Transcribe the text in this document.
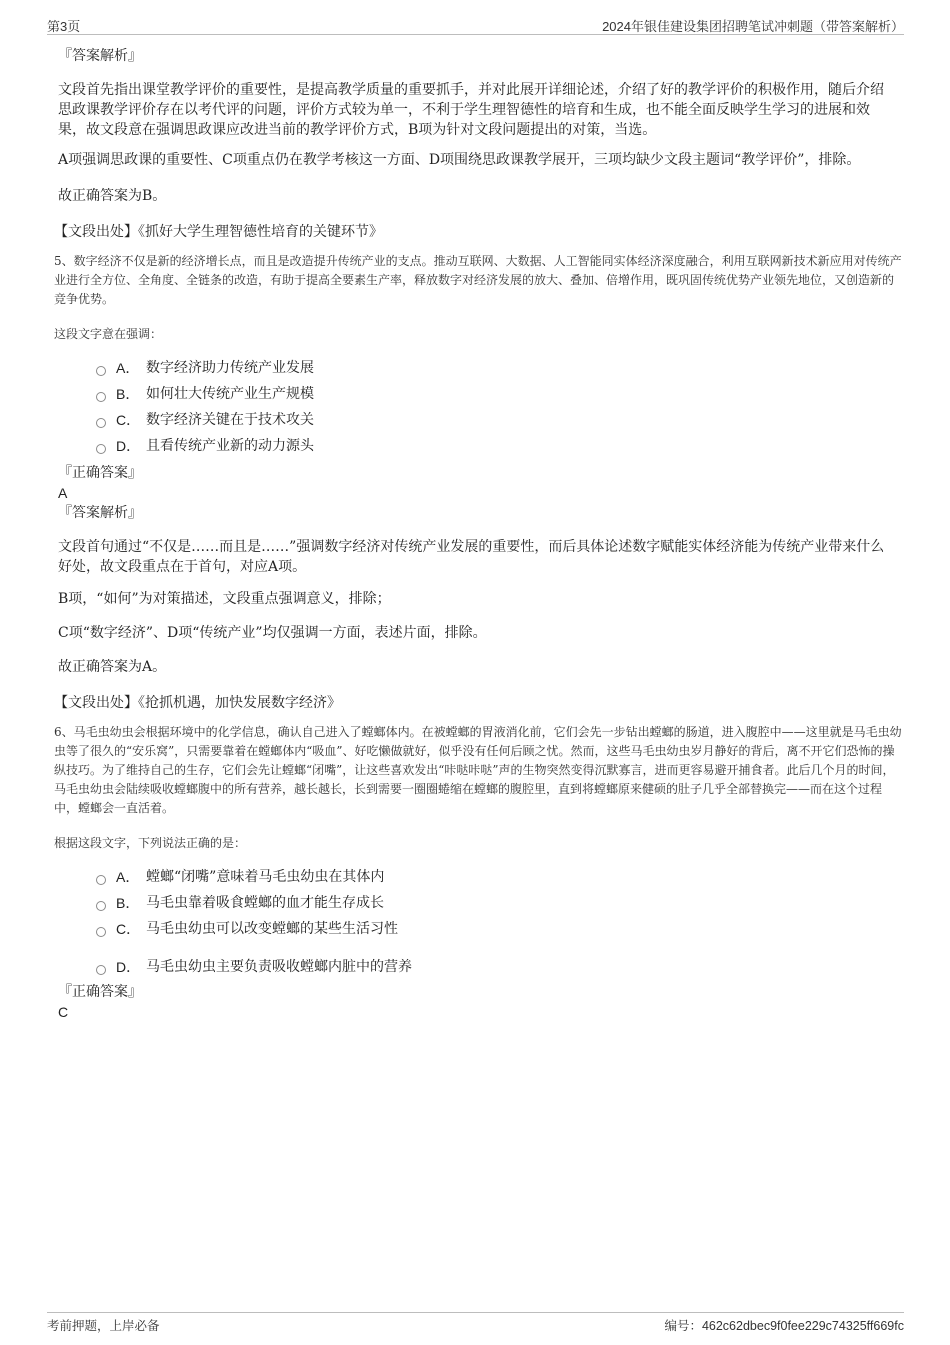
第3页	2024年银佳建设集团招聘笔试冲刺题（带答案解析）
『答案解析』
文段首先指出课堂教学评价的重要性，是提高教学质量的重要抓手，并对此展开详细论述，介绍了好的教学评价的积极作用，随后介绍思政课教学评价存在以考代评的问题，评价方式较为单一，不利于学生理智德性的培育和生成，也不能全面反映学生学习的进展和效果，故文段意在强调思政课应改进当前的教学评价方式，B项为针对文段问题提出的对策，当选。
A项强调思政课的重要性、C项重点仍在教学考核这一方面、D项围绕思政课教学展开，三项均缺少文段主题词“教学评价”，排除。
故正确答案为B。
【文段出处】《抓好大学生理智德性培育的关键环节》
5、数字经济不仅是新的经济增长点，而且是改造提升传统产业的支点。推动互联网、大数据、人工智能同实体经济深度融合，利用互联网新技术新应用对传统产业进行全方位、全角度、全链条的改造，有助于提高全要素生产率，释放数字对经济发展的放大、叠加、倍增作用，既巩固传统优势产业领先地位，又创造新的竞争优势。
这段文字意在强调：
A． 数字经济助力传统产业发展
B． 如何壮大传统产业生产规模
C． 数字经济关键在于技术攻关
D． 且看传统产业新的动力源头
『正确答案』
A
『答案解析』
文段首句通过“不仅是……而且是……”强调数字经济对传统产业发展的重要性，而后具体论述数字赋能实体经济能为传统产业带来什么好处，故文段重点在于首句，对应A项。
B项，“如何”为对策描述，文段重点强调意义，排除；
C项“数字经济”、D项“传统产业”均仅强调一方面，表述片面，排除。
故正确答案为A。
【文段出处】《抢抓机遇，加快发展数字经济》
6、马毛虫幼虫会根据环境中的化学信息，确认自己进入了螳螂体内。在被螳螂的胃液消化前，它们会先一步钻出螳螂的肠道，进入腹腔中——这里就是马毛虫幼虫等了很久的“安乐窝”，只需要靠着在螳螂体内“吸血”、好吃懒做就好，似乎没有任何后顾之忧。然而，这些马毛虫幼虫岁月静好的背后，离不开它们恐怖的操纵技巧。为了维持自己的生存，它们会先让螳螂“闭嘴”，让这些喜欢发出“咔哒咔哒”声的生物突然变得沉默寡言，进而更容易避开捕食者。此后几个月的时间，马毛虫幼虫会陆续吸收螳螂腹中的所有营养，越长越长，长到需要一圈圈蜷缩在螳螂的腹腔里，直到将螳螂原来健硕的肚子几乎全部替换完——而在这个过程中，螳螂会一直活着。
根据这段文字，下列说法正确的是：
A． 螳螂“闭嘴”意味着马毛虫幼虫在其体内
B． 马毛虫靠着吸食螳螂的血才能生存成长
C． 马毛虫幼虫可以改变螳螂的某些生活习性
D． 马毛虫幼虫主要负责吸收螳螂内脏中的营养
『正确答案』
C
考前押题，上岸必备	编号：462c62dbec9f0fee229c74325ff669fc
